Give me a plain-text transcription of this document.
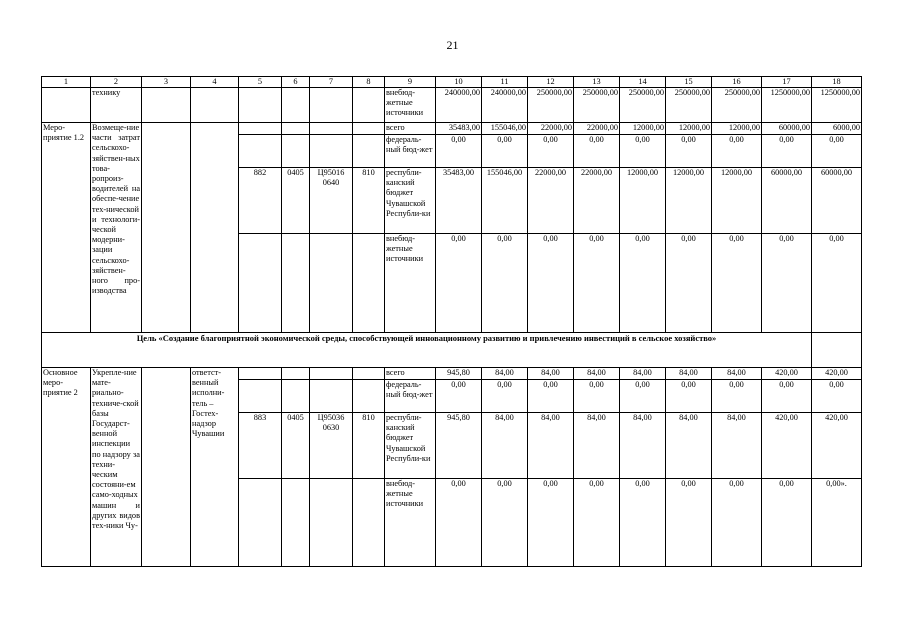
21
1	2	3	4	5	6	7	8	9	10	11	12	13	14	15	16	17	18
	технику							внебюд-жетные источники	240000,00	240000,00	250000,00	250000,00	250000,00	250000,00	250000,00	1250000,00	1250000,00
Меро-приятие 1.2	Возмеще-ние части затрат сельскохо-зяйствен-ных това-ропроиз-водителей на обеспе-чение тех-нической и технологи-ческой модерни-зации сельскохо-зяйствен-ного про-изводства							всего	35483,00	155046,00	22000,00	22000,00	12000,00	12000,00	12000,00	60000,00	6000,00
								федераль-ный бюд-жет	0,00	0,00	0,00	0,00	0,00	0,00	0,00	0,00	0,00
				882	0405	Ц95016 0640	810	республи-канский бюджет Чувашской Республи-ки	35483,00	155046,00	22000,00	22000,00	12000,00	12000,00	12000,00	60000,00	60000,00
								внебюд-жетные источники	0,00	0,00	0,00	0,00	0,00	0,00	0,00	0,00	0,00
Цель «Создание благоприятной экономической среды, способствующей инновационному развитию и привлечению инвестиций в сельское хозяйство»																	
Основное меро-приятие 2	Укрепле-ние мате-риально-техниче-ской базы Государст-венной инспекции по надзору за техни-ческим состояни-ем само-ходных машин и других видов тех-ники Чу-		ответст-венный исполни-тель – Гостех-надзор Чувашии					всего	945,80	84,00	84,00	84,00	84,00	84,00	84,00	420,00	420,00
								федераль-ный бюд-жет	0,00	0,00	0,00	0,00	0,00	0,00	0,00	0,00	0,00
				883	0405	Ц95036 0630	810	республи-канский бюджет Чувашской Республи-ки	945,80	84,00	84,00	84,00	84,00	84,00	84,00	420,00	420,00
								внебюд-жетные источники	0,00	0,00	0,00	0,00	0,00	0,00	0,00	0,00	0,00».
